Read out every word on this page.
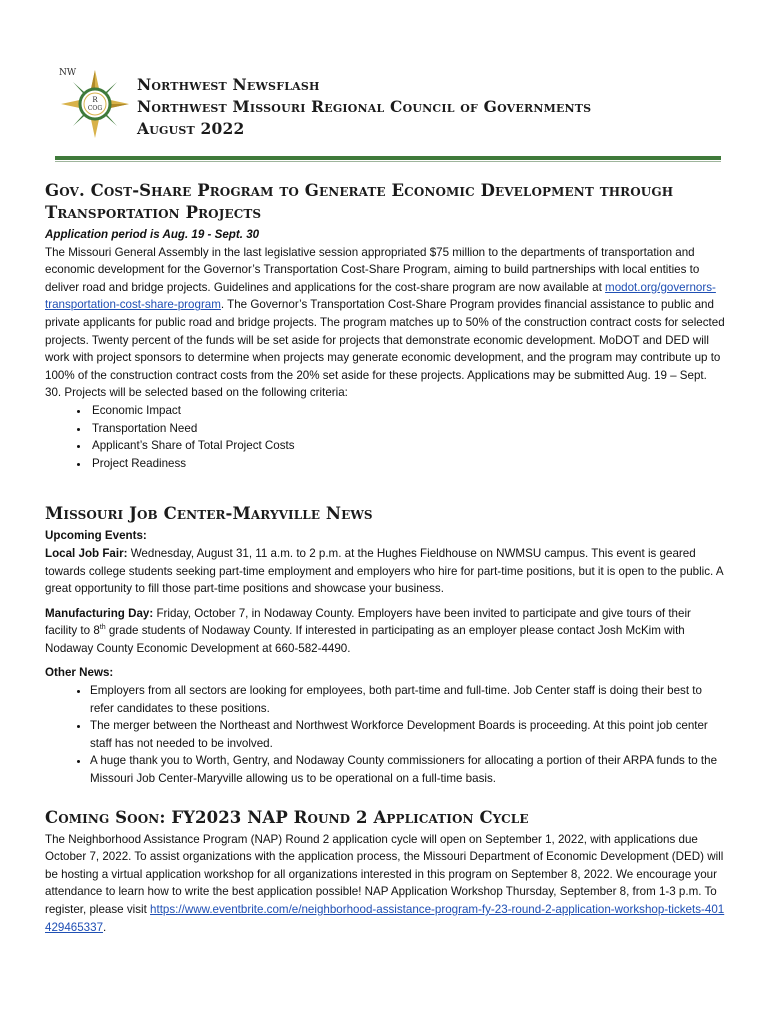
R
COG
NW
Northwest Newsflash
Northwest Missouri Regional Council of Governments
August 2022
Gov. Cost-Share Program to Generate Economic Development through Transportation Projects

Application period is Aug. 19 - Sept. 30

The Missouri General Assembly in the last legislative session appropriated $75 million to the departments of transportation and economic development for the Governor’s Transportation Cost-Share Program, aiming to build partnerships with local entities to deliver road and bridge projects. Guidelines and applications for the cost-share program are now available at modot.org/governors-transportation-cost-share-program. The Governor’s Transportation Cost-Share Program provides financial assistance to public and private applicants for public road and bridge projects. The program matches up to 50% of the construction contract costs for selected projects. Twenty percent of the funds will be set aside for projects that demonstrate economic development. MoDOT and DED will work with project sponsors to determine when projects may generate economic development, and the program may contribute up to 100% of the construction contract costs from the 20% set aside for these projects. Applications may be submitted Aug. 19 – Sept. 30. Projects will be selected based on the following criteria:

• Economic Impact
• Transportation Need
• Applicant’s Share of Total Project Costs
• Project Readiness
Missouri Job Center-Maryville News

Upcoming Events:

Local Job Fair: Wednesday, August 31, 11 a.m. to 2 p.m. at the Hughes Fieldhouse on NWMSU campus. This event is geared towards college students seeking part-time employment and employers who hire for part-time positions, but it is open to the public. A great opportunity to fill those part-time positions and showcase your business.

Manufacturing Day: Friday, October 7, in Nodaway County. Employers have been invited to participate and give tours of their facility to 8th grade students of Nodaway County. If interested in participating as an employer please contact Josh McKim with Nodaway County Economic Development at 660-582-4490.

Other News:

• Employers from all sectors are looking for employees, both part-time and full-time. Job Center staff is doing their best to refer candidates to these positions.
• The merger between the Northeast and Northwest Workforce Development Boards is proceeding. At this point job center staff has not needed to be involved.
• A huge thank you to Worth, Gentry, and Nodaway County commissioners for allocating a portion of their ARPA funds to the Missouri Job Center-Maryville allowing us to be operational on a full-time basis.
Coming Soon: FY2023 NAP Round 2 Application Cycle

The Neighborhood Assistance Program (NAP) Round 2 application cycle will open on September 1, 2022, with applications due October 7, 2022. To assist organizations with the application process, the Missouri Department of Economic Development (DED) will be hosting a virtual application workshop for all organizations interested in this program on September 8, 2022. We encourage your attendance to learn how to write the best application possible! NAP Application Workshop Thursday, September 8, from 1-3 p.m. To register, please visit https://www.eventbrite.com/e/neighborhood-assistance-program-fy-23-round-2-application-workshop-tickets-401429465337.
